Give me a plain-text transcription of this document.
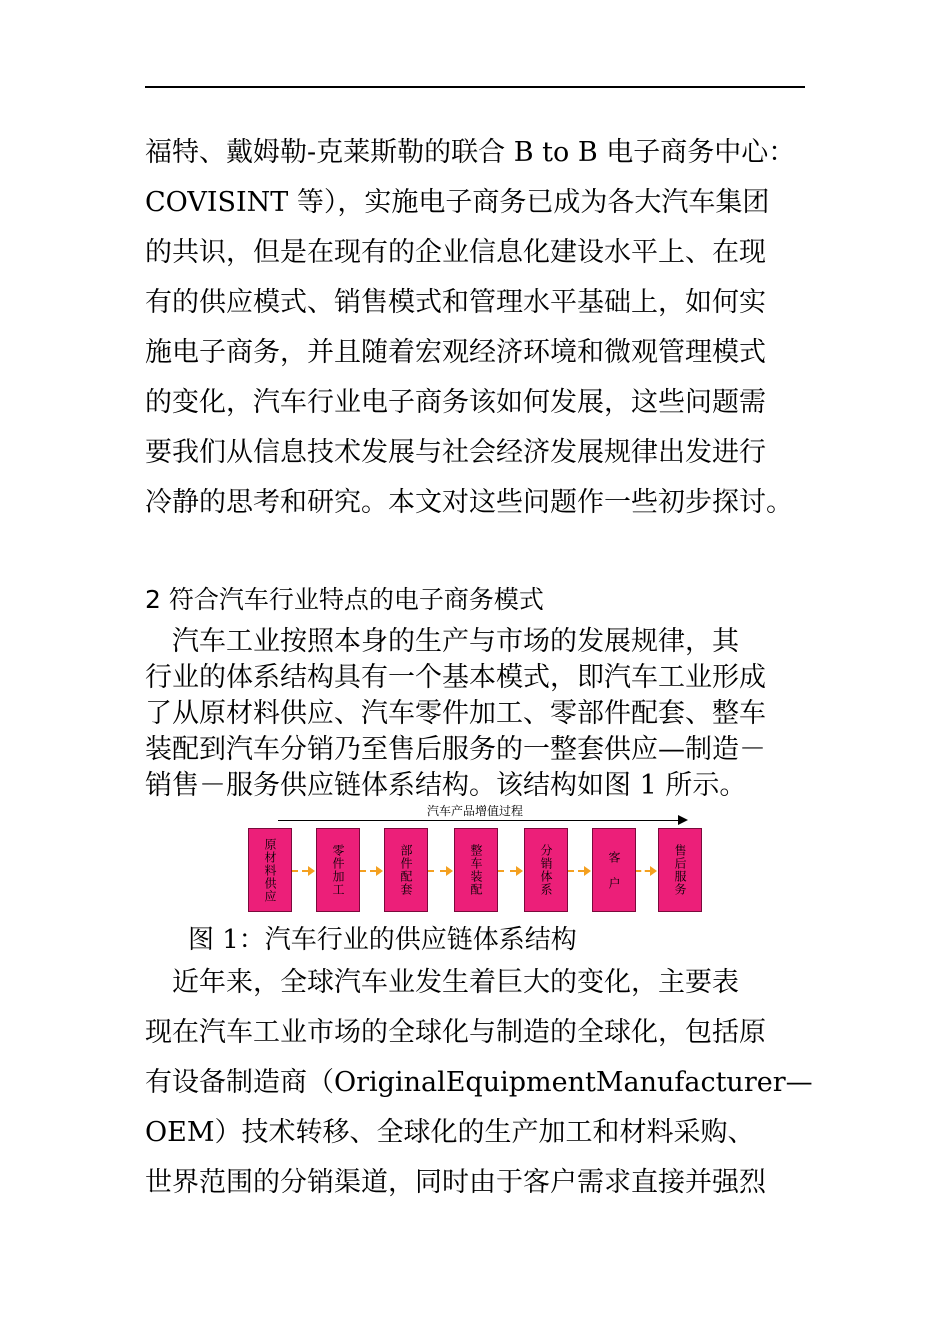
福特、戴姆勒-克莱斯勒的联合 B to B 电子商务中心：
COVISINT 等），实施电子商务已成为各大汽车集团
的共识，但是在现有的企业信息化建设水平上、在现
有的供应模式、销售模式和管理水平基础上，如何实
施电子商务，并且随着宏观经济环境和微观管理模式
的变化，汽车行业电子商务该如何发展，这些问题需
要我们从信息技术发展与社会经济发展规律出发进行
冷静的思考和研究。本文对这些问题作一些初步探讨。
2 符合汽车行业特点的电子商务模式
　汽车工业按照本身的生产与市场的发展规律，其
行业的体系结构具有一个基本模式，即汽车工业形成
了从原材料供应、汽车零件加工、零部件配套、整车
装配到汽车分销乃至售后服务的一整套供应—制造－
销售－服务供应链体系结构。该结构如图 1 所示。
汽车产品增值过程
原材料供应	零件加工	部件配套	整车装配	分销体系	客　户	售后服务
图 1：汽车行业的供应链体系结构
　近年来，全球汽车业发生着巨大的变化，主要表
现在汽车工业市场的全球化与制造的全球化，包括原
有设备制造商（Original Equipment Manufacturer—
OEM）技术转移、全球化的生产加工和材料采购、
世界范围的分销渠道，同时由于客户需求直接并强烈
